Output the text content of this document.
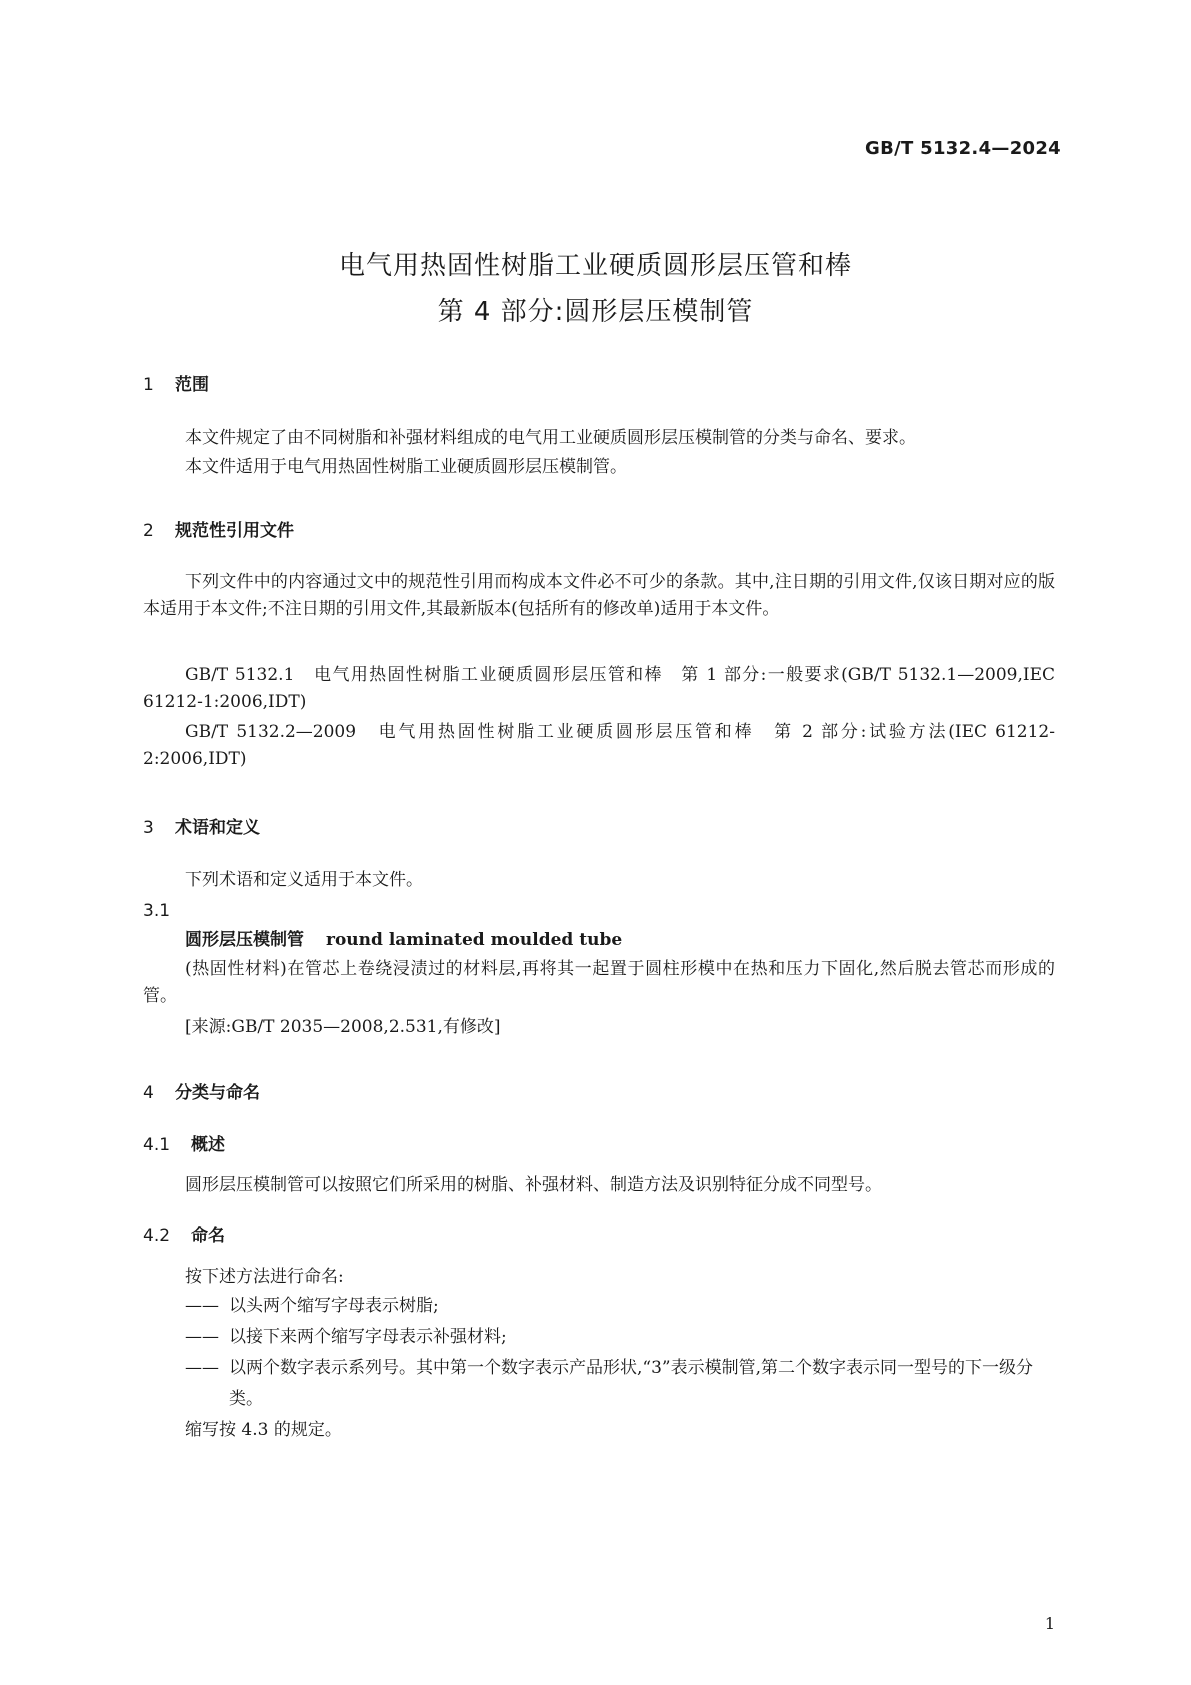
GB/T 5132.4—2024
电气用热固性树脂工业硬质圆形层压管和棒
第 4 部分:圆形层压模制管
1 范围
本文件规定了由不同树脂和补强材料组成的电气用工业硬质圆形层压模制管的分类与命名、要求。
本文件适用于电气用热固性树脂工业硬质圆形层压模制管。
2 规范性引用文件
下列文件中的内容通过文中的规范性引用而构成本文件必不可少的条款。其中,注日期的引用文件,仅该日期对应的版本适用于本文件;不注日期的引用文件,其最新版本(包括所有的修改单)适用于本文件。
GB/T 5132.1　电气用热固性树脂工业硬质圆形层压管和棒　第 1 部分:一般要求(GB/T 5132.1—2009,IEC 61212-1:2006,IDT)
GB/T 5132.2—2009　电气用热固性树脂工业硬质圆形层压管和棒　第 2 部分:试验方法(IEC 61212-2:2006,IDT)
3 术语和定义
下列术语和定义适用于本文件。
3.1
圆形层压模制管 round laminated moulded tube
(热固性材料)在管芯上卷绕浸渍过的材料层,再将其一起置于圆柱形模中在热和压力下固化,然后脱去管芯而形成的管。
[来源:GB/T 2035—2008,2.531,有修改]
4 分类与命名
4.1 概述
圆形层压模制管可以按照它们所采用的树脂、补强材料、制造方法及识别特征分成不同型号。
4.2 命名
按下述方法进行命名:
—— 以头两个缩写字母表示树脂;
—— 以接下来两个缩写字母表示补强材料;
—— 以两个数字表示系列号。其中第一个数字表示产品形状,“3”表示模制管,第二个数字表示同一型号的下一级分类。
缩写按 4.3 的规定。
1
